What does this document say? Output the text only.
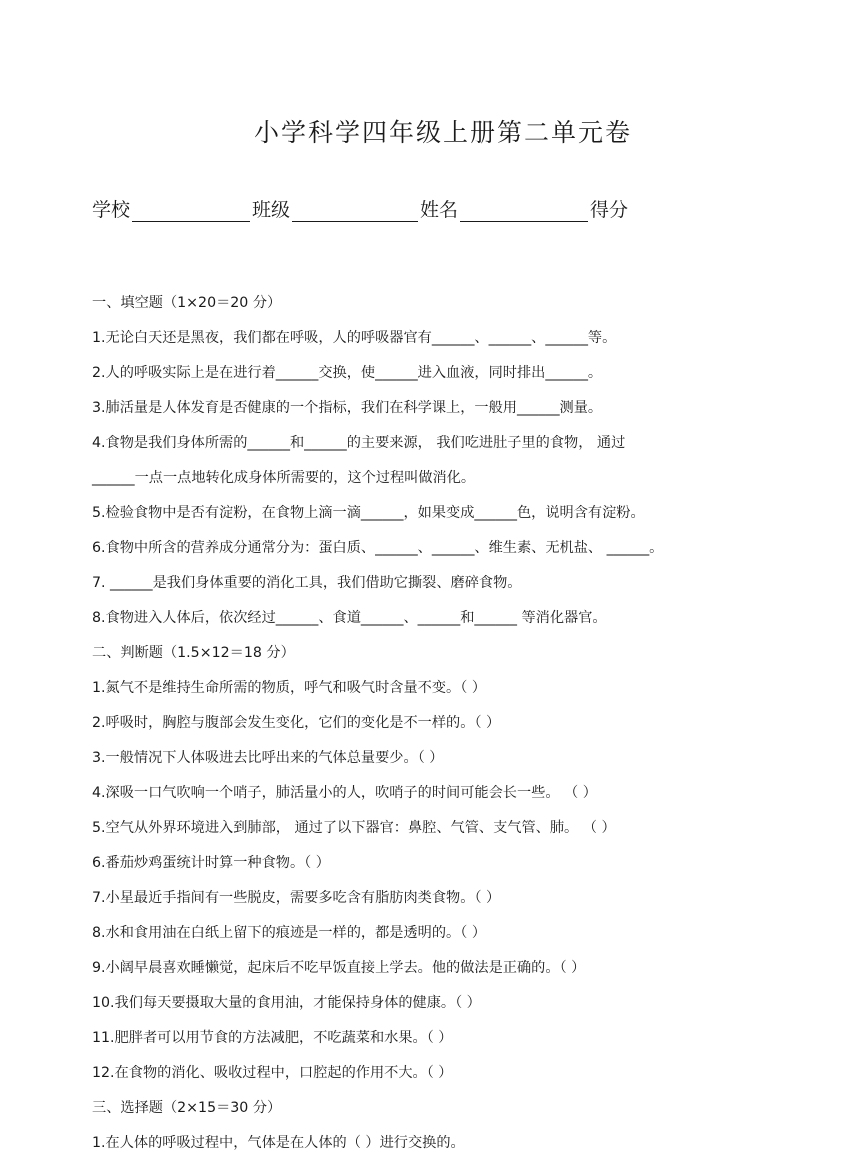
小学科学四年级上册第二单元卷
学校	班级	姓名	得分
一、填空题（1×20＝20 分）
1.无论白天还是黑夜，我们都在呼吸，人的呼吸器官有______、______、______等。
2.人的呼吸实际上是在进行着______交换，使______进入血液，同时排出______。
3.肺活量是人体发育是否健康的一个指标，我们在科学课上，一般用______测量。
4.食物是我们身体所需的______和______的主要来源， 我们吃进肚子里的食物， 通过
______一点一点地转化成身体所需要的，这个过程叫做消化。
5.检验食物中是否有淀粉，在食物上滴一滴______，如果变成______色，说明含有淀粉。
6.食物中所含的营养成分通常分为：蛋白质、______、______、维生素、无机盐、 ______。
7. ______是我们身体重要的消化工具，我们借助它撕裂、磨碎食物。
8.食物进入人体后，依次经过______、食道______、______和______ 等消化器官。
二、判断题（1.5×12＝18 分）
1.氮气不是维持生命所需的物质，呼气和吸气时含量不变。（ ）
2.呼吸时，胸腔与腹部会发生变化，它们的变化是不一样的。（ ）
3.一般情况下人体吸进去比呼出来的气体总量要少。（ ）
4.深吸一口气吹响一个哨子，肺活量小的人，吹哨子的时间可能会长一些。 （ ）
5.空气从外界环境进入到肺部， 通过了以下器官：鼻腔、气管、支气管、肺。 （ ）
6.番茄炒鸡蛋统计时算一种食物。（ ）
7.小星最近手指间有一些脱皮，需要多吃含有脂肪肉类食物。（ ）
8.水和食用油在白纸上留下的痕迹是一样的，都是透明的。（ ）
9.小阔早晨喜欢睡懒觉，起床后不吃早饭直接上学去。他的做法是正确的。（ ）
10.我们每天要摄取大量的食用油，才能保持身体的健康。（ ）
11.肥胖者可以用节食的方法减肥，不吃蔬菜和水果。（ ）
12.在食物的消化、吸收过程中，口腔起的作用不大。（ ）
三、选择题（2×15＝30 分）
1.在人体的呼吸过程中，气体是在人体的（ ）进行交换的。
